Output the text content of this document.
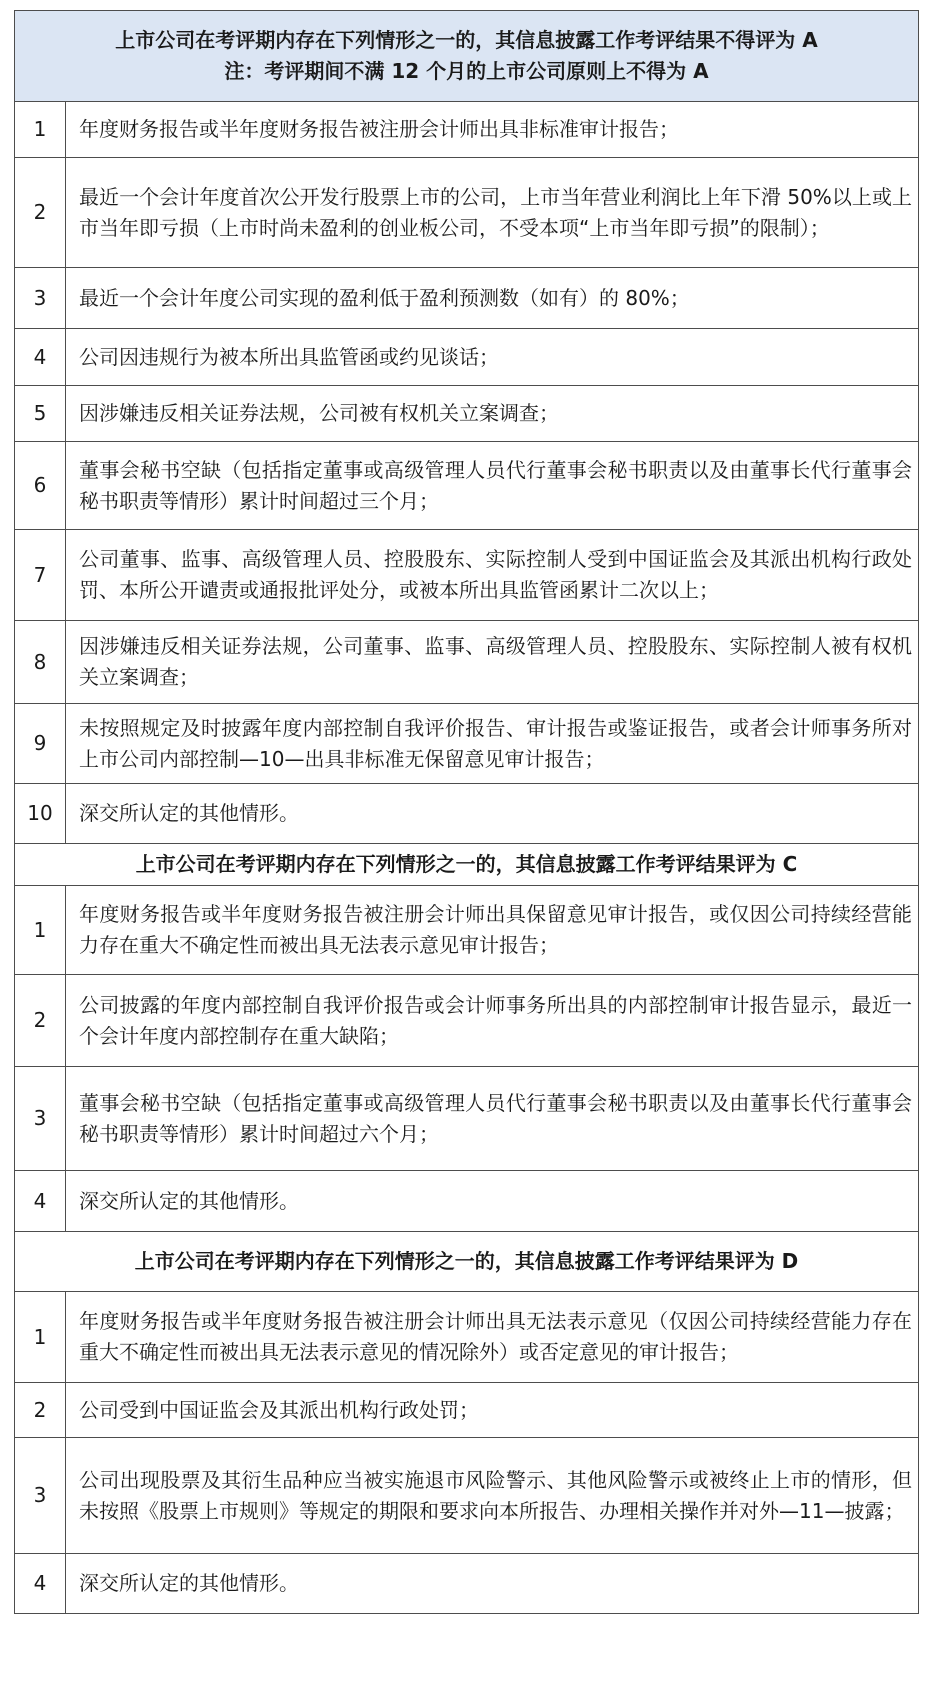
上市公司在考评期内存在下列情形之一的，其信息披露工作考评结果不得评为 A
注：考评期间不满 12 个月的上市公司原则上不得为 A	

1	年度财务报告或半年度财务报告被注册会计师出具非标准审计报告；
2	最近一个会计年度首次公开发行股票上市的公司，上市当年营业利润比上年下滑 50%以上或上市当年即亏损（上市时尚未盈利的创业板公司，不受本项“上市当年即亏损”的限制）；
3	最近一个会计年度公司实现的盈利低于盈利预测数（如有）的 80%；
4	公司因违规行为被本所出具监管函或约见谈话；
5	因涉嫌违反相关证券法规，公司被有权机关立案调查；
6	董事会秘书空缺（包括指定董事或高级管理人员代行董事会秘书职责以及由董事长代行董事会秘书职责等情形）累计时间超过三个月；
7	公司董事、监事、高级管理人员、控股股东、实际控制人受到中国证监会及其派出机构行政处罚、本所公开谴责或通报批评处分，或被本所出具监管函累计二次以上；
8	因涉嫌违反相关证券法规，公司董事、监事、高级管理人员、控股股东、实际控制人被有权机关立案调查；
9	未按照规定及时披露年度内部控制自我评价报告、审计报告或鉴证报告，或者会计师事务所对上市公司内部控制—10—出具非标准无保留意见审计报告；
10	深交所认定的其他情形。
上市公司在考评期内存在下列情形之一的，其信息披露工作考评结果评为 C	
1	年度财务报告或半年度财务报告被注册会计师出具保留意见审计报告，或仅因公司持续经营能力存在重大不确定性而被出具无法表示意见审计报告；
2	公司披露的年度内部控制自我评价报告或会计师事务所出具的内部控制审计报告显示，最近一个会计年度内部控制存在重大缺陷；
3	董事会秘书空缺（包括指定董事或高级管理人员代行董事会秘书职责以及由董事长代行董事会秘书职责等情形）累计时间超过六个月；
4	深交所认定的其他情形。
上市公司在考评期内存在下列情形之一的，其信息披露工作考评结果评为 D	
1	年度财务报告或半年度财务报告被注册会计师出具无法表示意见（仅因公司持续经营能力存在重大不确定性而被出具无法表示意见的情况除外）或否定意见的审计报告；
2	公司受到中国证监会及其派出机构行政处罚；
3	公司出现股票及其衍生品种应当被实施退市风险警示、其他风险警示或被终止上市的情形，但未按照《股票上市规则》等规定的期限和要求向本所报告、办理相关操作并对外—11—披露；
4	深交所认定的其他情形。
